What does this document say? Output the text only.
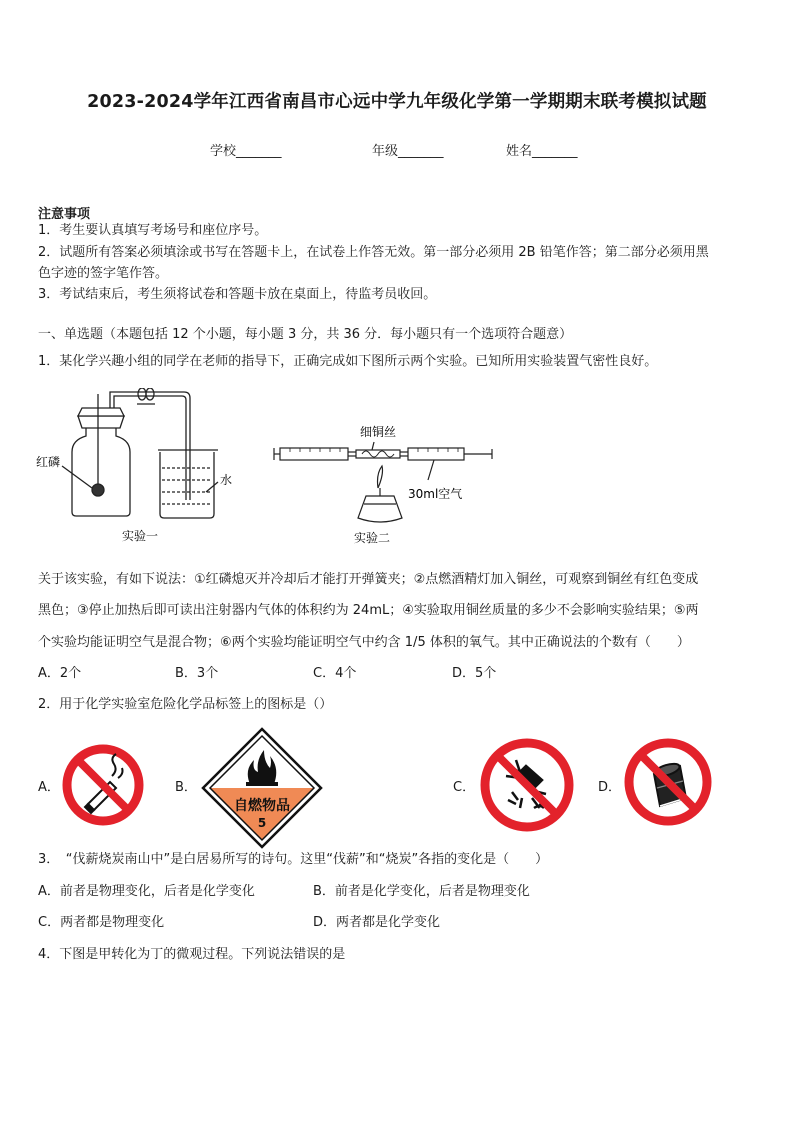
2023-2024学年江西省南昌市心远中学九年级化学第一学期期末联考模拟试题
学校_______	年级_______	姓名_______
注意事项
1．考生要认真填写考场号和座位序号。
2．试题所有答案必须填涂或书写在答题卡上，在试卷上作答无效。第一部分必须用 2B 铅笔作答；第二部分必须用黑
色字迹的签字笔作答。
3．考试结束后，考生须将试卷和答题卡放在桌面上，待监考员收回。
一、单选题（本题包括 12 个小题，每小题 3 分，共 36 分．每小题只有一个选项符合题意）
1．某化学兴趣小组的同学在老师的指导下，正确完成如下图所示两个实验。已知所用实验装置气密性良好。
红磷
水
实验一
细铜丝
30ml空气
实验二
关于该实验，有如下说法：①红磷熄灭并冷却后才能打开弹簧夹；②点燃酒精灯加入铜丝，可观察到铜丝有红色变成
黑色；③停止加热后即可读出注射器内气体的体积约为 24mL；④实验取用铜丝质量的多少不会影响实验结果；⑤两
个实验均能证明空气是混合物；⑥两个实验均能证明空气中约含 1/5 体积的氧气。其中正确说法的个数有（　　）
A．2个	B．3个	C．4个	D．5个
2．用于化学实验室危险化学品标签上的图标是（）
A．	B．
自燃物品
5
C．	D．
3．　“伐薪烧炭南山中”是白居易所写的诗句。这里“伐薪”和“烧炭”各指的变化是（　　）
A．前者是物理变化，后者是化学变化	B．前者是化学变化，后者是物理变化
C．两者都是物理变化	D．两者都是化学变化
4．下图是甲转化为丁的微观过程。下列说法错误的是
